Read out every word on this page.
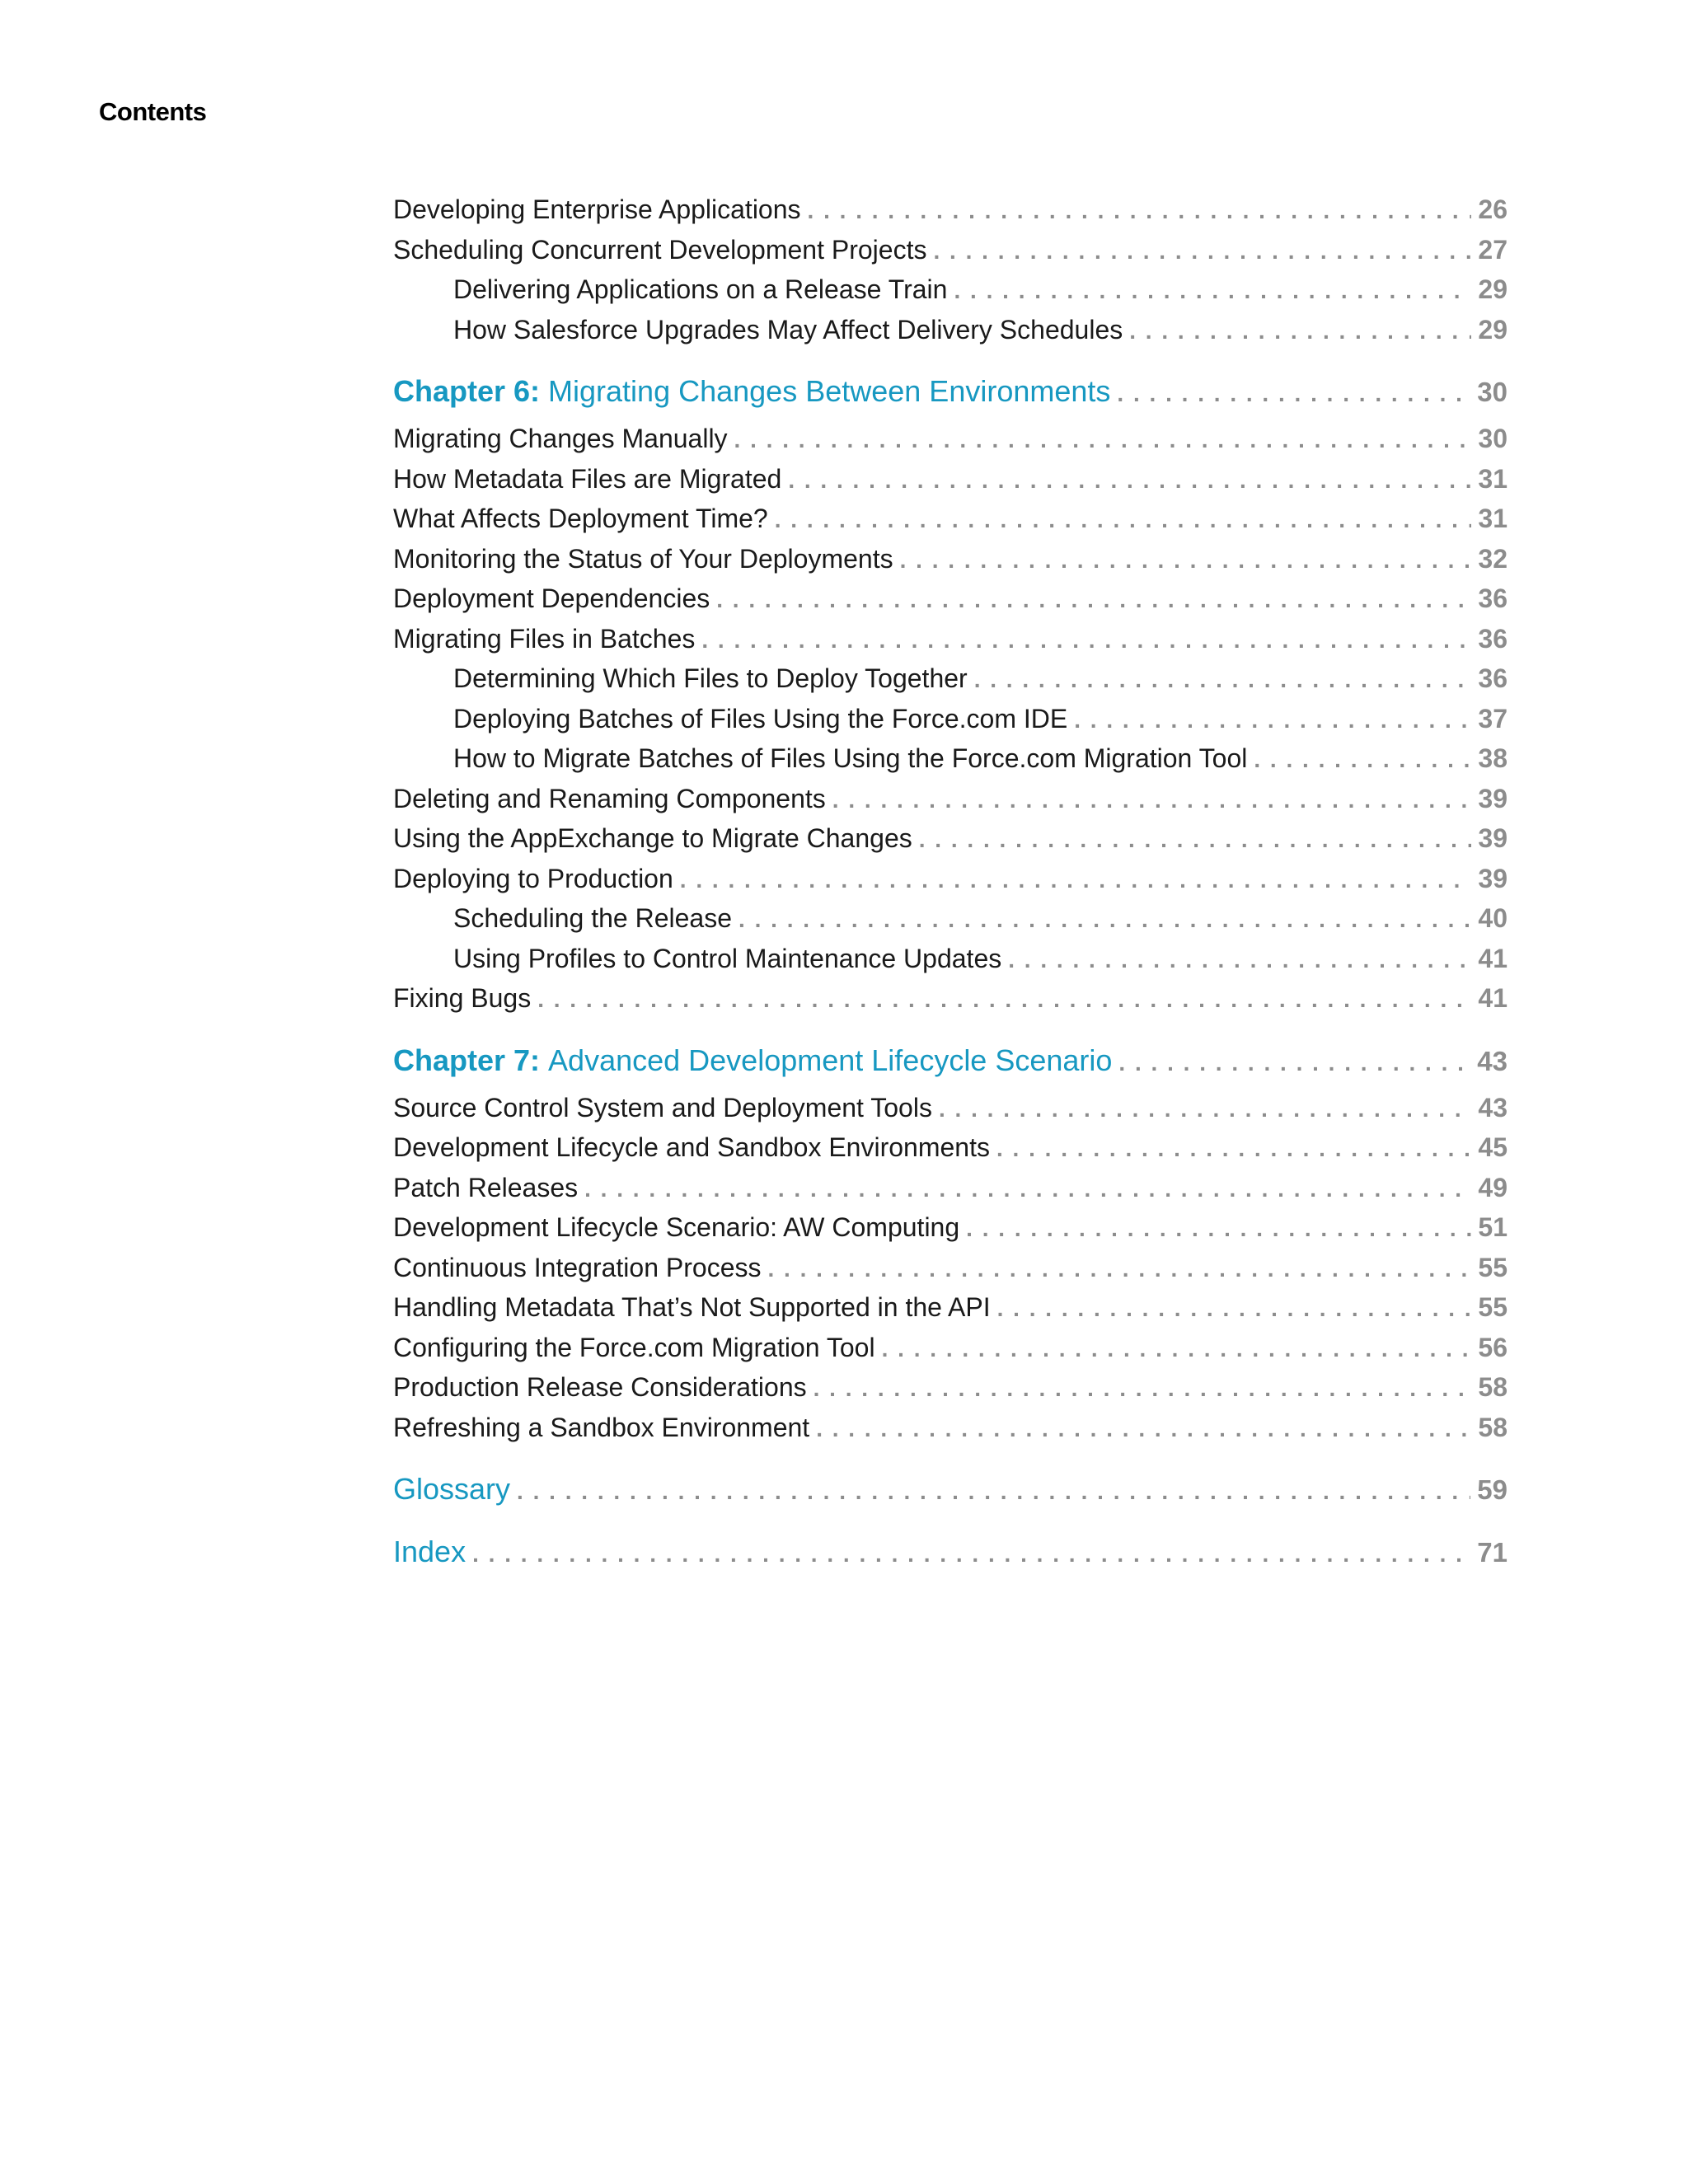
Contents
Developing Enterprise Applications . . .	26
Scheduling Concurrent Development Projects . . .	27
Delivering Applications on a Release Train . . .	29
How Salesforce Upgrades May Affect Delivery Schedules . . .	29
Chapter 6: Migrating Changes Between Environments . . .	30
Migrating Changes Manually . . .	30
How Metadata Files are Migrated . . .	31
What Affects Deployment Time? . . .	31
Monitoring the Status of Your Deployments . . .	32
Deployment Dependencies . . .	36
Migrating Files in Batches . . .	36
Determining Which Files to Deploy Together . . .	36
Deploying Batches of Files Using the Force.com IDE . . .	37
How to Migrate Batches of Files Using the Force.com Migration Tool . . .	38
Deleting and Renaming Components . . .	39
Using the AppExchange to Migrate Changes . . .	39
Deploying to Production . . .	39
Scheduling the Release . . .	40
Using Profiles to Control Maintenance Updates . . .	41
Fixing Bugs . . .	41
Chapter 7: Advanced Development Lifecycle Scenario . . .	43
Source Control System and Deployment Tools . . .	43
Development Lifecycle and Sandbox Environments . . .	45
Patch Releases . . .	49
Development Lifecycle Scenario: AW Computing . . .	51
Continuous Integration Process . . .	55
Handling Metadata That’s Not Supported in the API . . .	55
Configuring the Force.com Migration Tool . . .	56
Production Release Considerations . . .	58
Refreshing a Sandbox Environment . . .	58
Glossary . . .	59
Index . . .	71
